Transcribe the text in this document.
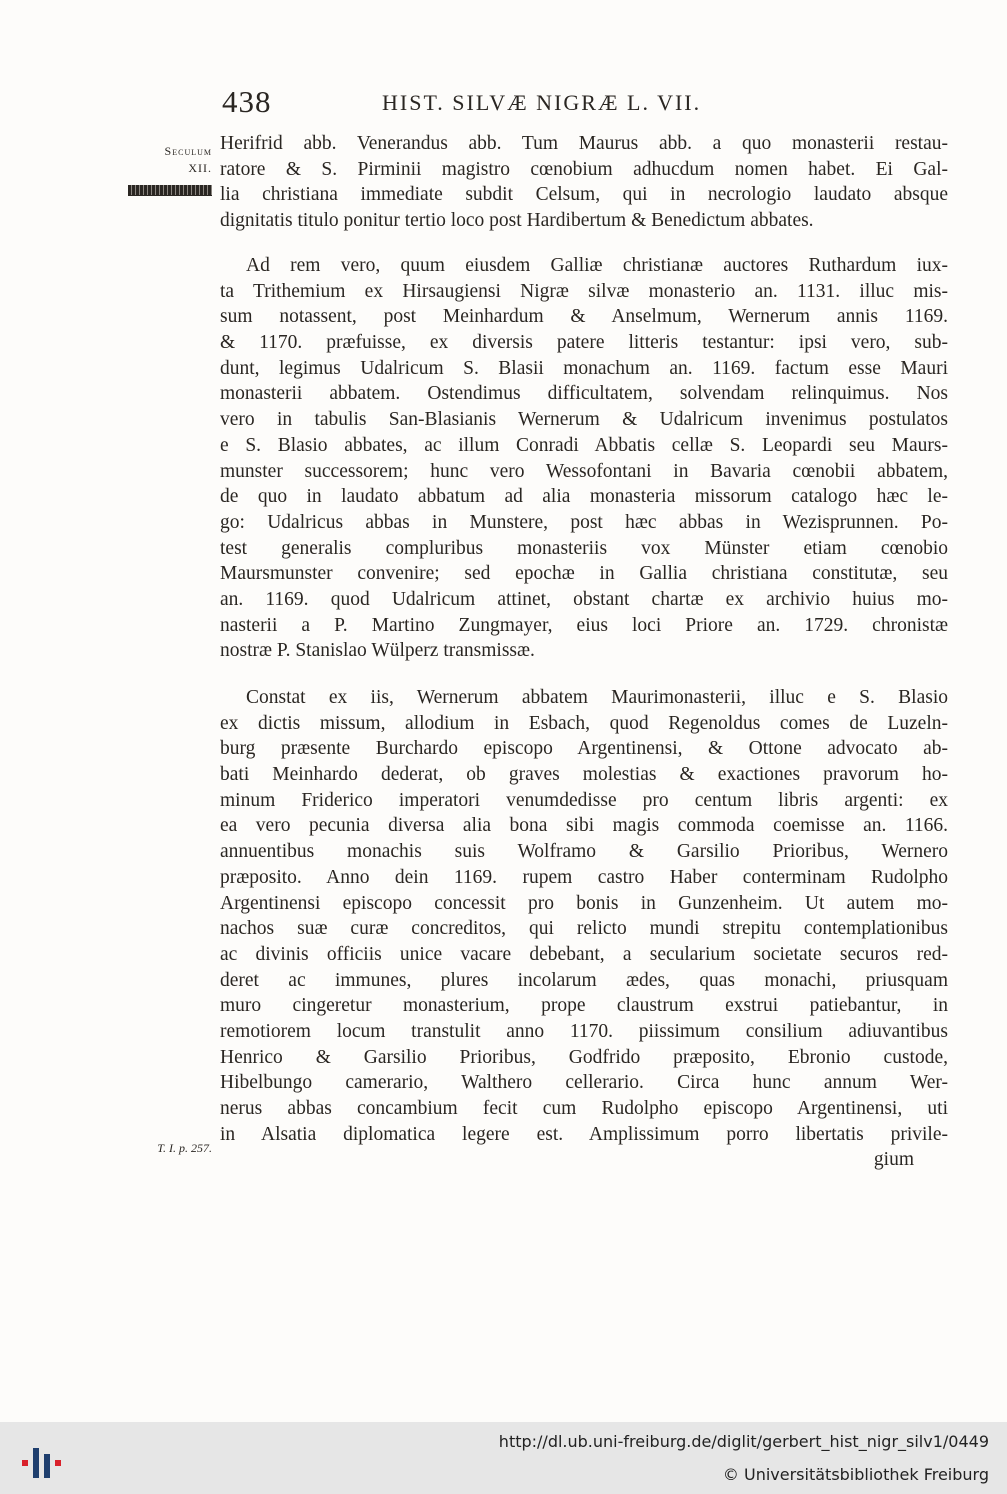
438	HIST. SILVÆ NIGRÆ L. VII.
Seculum
XII.
Herifrid abb. Venerandus abb. Tum Maurus abb. a quo monasterii restau-
ratore & S. Pirminii magistro cœnobium adhucdum nomen habet. Ei Gal-
lia christiana immediate subdit Celsum, qui in necrologio laudato absque
dignitatis titulo ponitur tertio loco post Hardibertum & Benedictum abbates.
Ad rem vero, quum eiusdem Galliæ christianæ auctores Ruthardum iux-
ta Trithemium ex Hirsaugiensi Nigræ silvæ monasterio an. 1131. illuc mis-
sum notassent, post Meinhardum & Anselmum, Wernerum annis 1169.
& 1170. præfuisse, ex diversis patere litteris testantur: ipsi vero, sub-
dunt, legimus Udalricum S. Blasii monachum an. 1169. factum esse Mauri
monasterii abbatem. Ostendimus difficultatem, solvendam relinquimus. Nos
vero in tabulis San-Blasianis Wernerum & Udalricum invenimus postulatos
e S. Blasio abbates, ac illum Conradi Abbatis cellæ S. Leopardi seu Maurs-
munster successorem; hunc vero Wessofontani in Bavaria cœnobii abbatem,
de quo in laudato abbatum ad alia monasteria missorum catalogo hæc le-
go: Udalricus abbas in Munstere, post hæc abbas in Wezisprunnen. Po-
test generalis compluribus monasteriis vox Münster etiam cœnobio
Maursmunster convenire; sed epochæ in Gallia christiana constitutæ, seu
an. 1169. quod Udalricum attinet, obstant chartæ ex archivio huius mo-
nasterii a P. Martino Zungmayer, eius loci Priore an. 1729. chronistæ
nostræ P. Stanislao Wülperz transmissæ.
Constat ex iis, Wernerum abbatem Maurimonasterii, illuc e S. Blasio
ex dictis missum, allodium in Esbach, quod Regenoldus comes de Luzeln-
burg præsente Burchardo episcopo Argentinensi, & Ottone advocato ab-
bati Meinhardo dederat, ob graves molestias & exactiones pravorum ho-
minum Friderico imperatori venumdedisse pro centum libris argenti: ex
ea vero pecunia diversa alia bona sibi magis commoda coemisse an. 1166.
annuentibus monachis suis Wolframo & Garsilio Prioribus, Wernero
præposito. Anno dein 1169. rupem castro Haber conterminam Rudolpho
Argentinensi episcopo concessit pro bonis in Gunzenheim. Ut autem mo-
nachos suæ curæ concreditos, qui relicto mundi strepitu contemplationibus
ac divinis officiis unice vacare debebant, a secularium societate securos red-
deret ac immunes, plures incolarum ædes, quas monachi, priusquam
muro cingeretur monasterium, prope claustrum exstrui patiebantur, in
remotiorem locum transtulit anno 1170. piissimum consilium adiuvantibus
Henrico & Garsilio Prioribus, Godfrido præposito, Ebronio custode,
Hibelbungo camerario, Walthero cellerario. Circa hunc annum Wer-
nerus abbas concambium fecit cum Rudolpho episcopo Argentinensi, uti
in Alsatia diplomatica legere est. Amplissimum porro libertatis privile-
gium
T. I. p. 257.
http://dl.ub.uni-freiburg.de/diglit/gerbert_hist_nigr_silv1/0449
© Universitätsbibliothek Freiburg
